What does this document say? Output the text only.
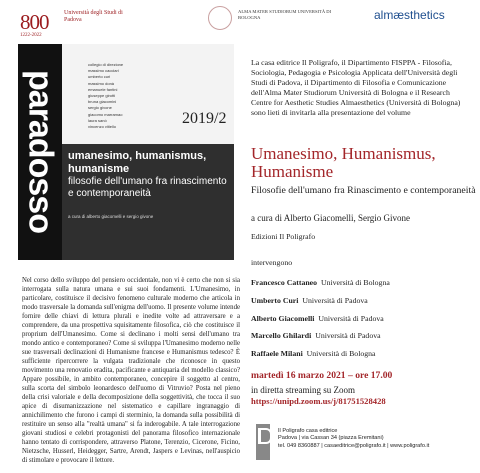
800
1222-2022
Università degli Studi di Padova
ALMA MATER STUDIORUM UNIVERSITÀ DI BOLOGNA	almæsthetics
paradosso
collegio di direzione
massimo cacciari
umberto curi
massimo donà
emanuele fantini
giuseppe girotti
bruna giacomini
sergio givone
giacomo marramao
laura sanò
vincenzo vitiello	2019/2
umanesimo, humanismus, humanisme
filosofie dell'umano fra rinascimento e contemporaneità
a cura di alberto giacomelli e sergio givone
Nel corso dello sviluppo del pensiero occidentale, non vi è certo che non si sia interrogata sulla natura umana e sui suoi fondamenti. L'Umanesimo, in particolare, costituisce il decisivo fenomeno culturale moderno che articola in modo trasversale la domanda sull'enigma dell'uomo. Il presente volume intende fornire delle chiavi di lettura plurali e inedite volte ad attraversare e a comprendere, da una prospettiva squisitamente filosofica, ciò che costituisce il proprium dell'Umanesimo. Come si declinano i molti sensi dell'umano tra mondo antico e contemporaneo? Come si sviluppa l'Umanesimo moderno nelle sue trasversali declinazioni di Humanisme francese e Humanismus tedesco? È sufficiente ripercorrere la vulgata tradizionale che riconosce in questo movimento una renovatio eradita, pacificante e antiquaria del modello classico? Appare possibile, in ambito contemporaneo, concepire il soggetto al centro, sulla scorta del simbolo leonardesco dell'uomo di Vitruvio? Posta nel pieno della crisi valoriale e della decomposizione della soggettività, che tocca il suo apice di disumanizzazione nel sistematico e capillare ingranaggio di annichilimento che furono i campi di sterminio, la domanda sulla possibilità di restituire un senso alla "realtà umana" si fa inderogabile. A tale interrogazione giovani studiosi e celebri protagonisti del panorama filosofico internazionale hanno tentato di corrispondere, attraverso Platone, Terenzio, Cicerone, Ficino, Nietzsche, Husserl, Heidegger, Sartre, Arendt, Jaspers e Levinas, nell'auspicio di stimolare e provocare il lettore.
La casa editrice Il Poligrafo, il Dipartimento FISPPA - Filosofia, Sociologia, Pedagogia e Psicologia Applicata dell'Università degli Studi di Padova, il Dipartimento di Filosofia e Comunicazione dell'Alma Mater Studiorum Università di Bologna e il Research Centre for Aesthetic Studies Almaesthetics (Università di Bologna) sono lieti di invitarla alla presentazione del volume
Umanesimo, Humanismus, Humanisme
Filosofie dell'umano fra Rinascimento e contemporaneità
a cura di Alberto Giacomelli, Sergio Givone
Edizioni Il Poligrafo
intervengono
Francesco Cattaneo Università di Bologna
Umberto Curi Università di Padova
Alberto Giacomelli Università di Padova
Marcello Ghilardi Università di Padova
Raffaele Milani Università di Bologna
martedì 16 marzo 2021 – ore 17.00
in diretta streaming su Zoom
https://unipd.zoom.us/j/81751528428
Il Poligrafo casa editrice
Padova | via Cassan 34 (piazza Eremitani)
tel. 049 8360887 | casaeditrice@poligrafo.it | www.poligrafo.it
